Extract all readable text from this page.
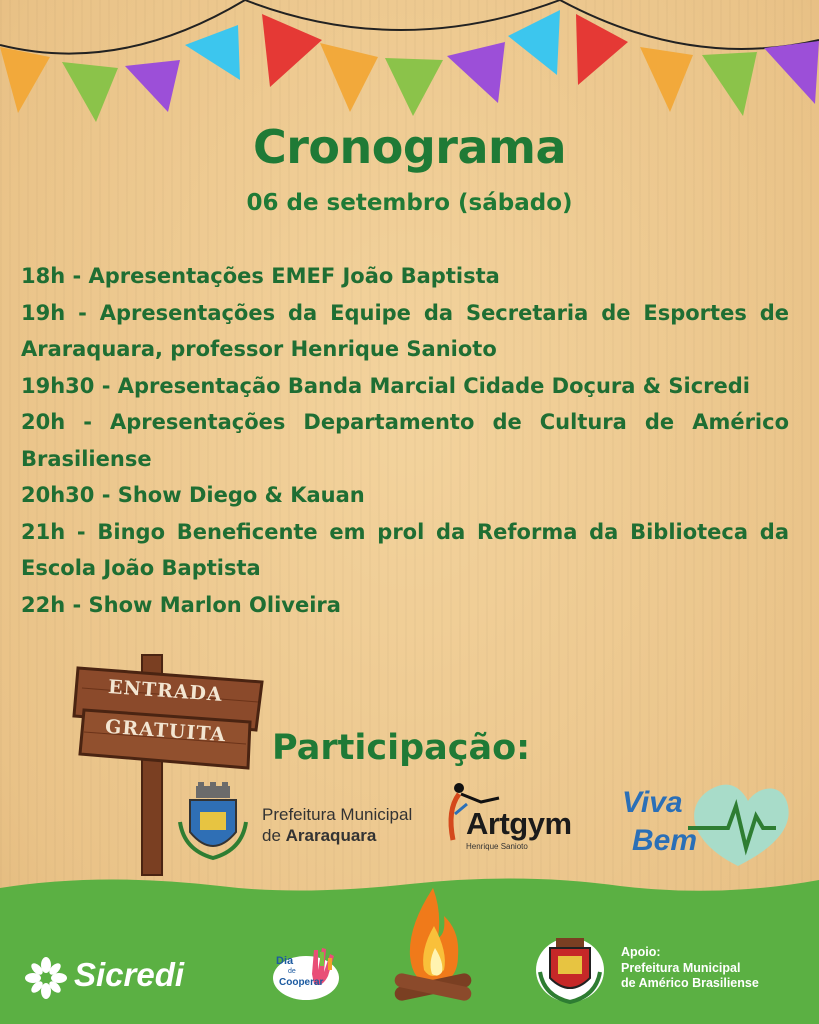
Cronograma
06 de setembro (sábado)

18h - Apresentações EMEF João Baptista

19h - Apresentações da Equipe da Secretaria de Esportes de Araraquara, professor Henrique Sanioto

19h30 - Apresentação Banda Marcial Cidade Doçura & Sicredi

20h - Apresentações Departamento de Cultura de Américo Brasiliense

20h30 - Show Diego & Kauan

21h - Bingo Beneficente em prol da Reforma da Biblioteca da Escola João Baptista

22h - Show Marlon Oliveira

ENTRADA
GRATUITA Participação:
Prefeitura Municipal
de Araraquara	Artgym
Henrique Sanioto
Viva
Bem
Sicredi	Dia
de
Cooperar
Apoio:
Prefeitura Municipal
de Américo Brasiliense
